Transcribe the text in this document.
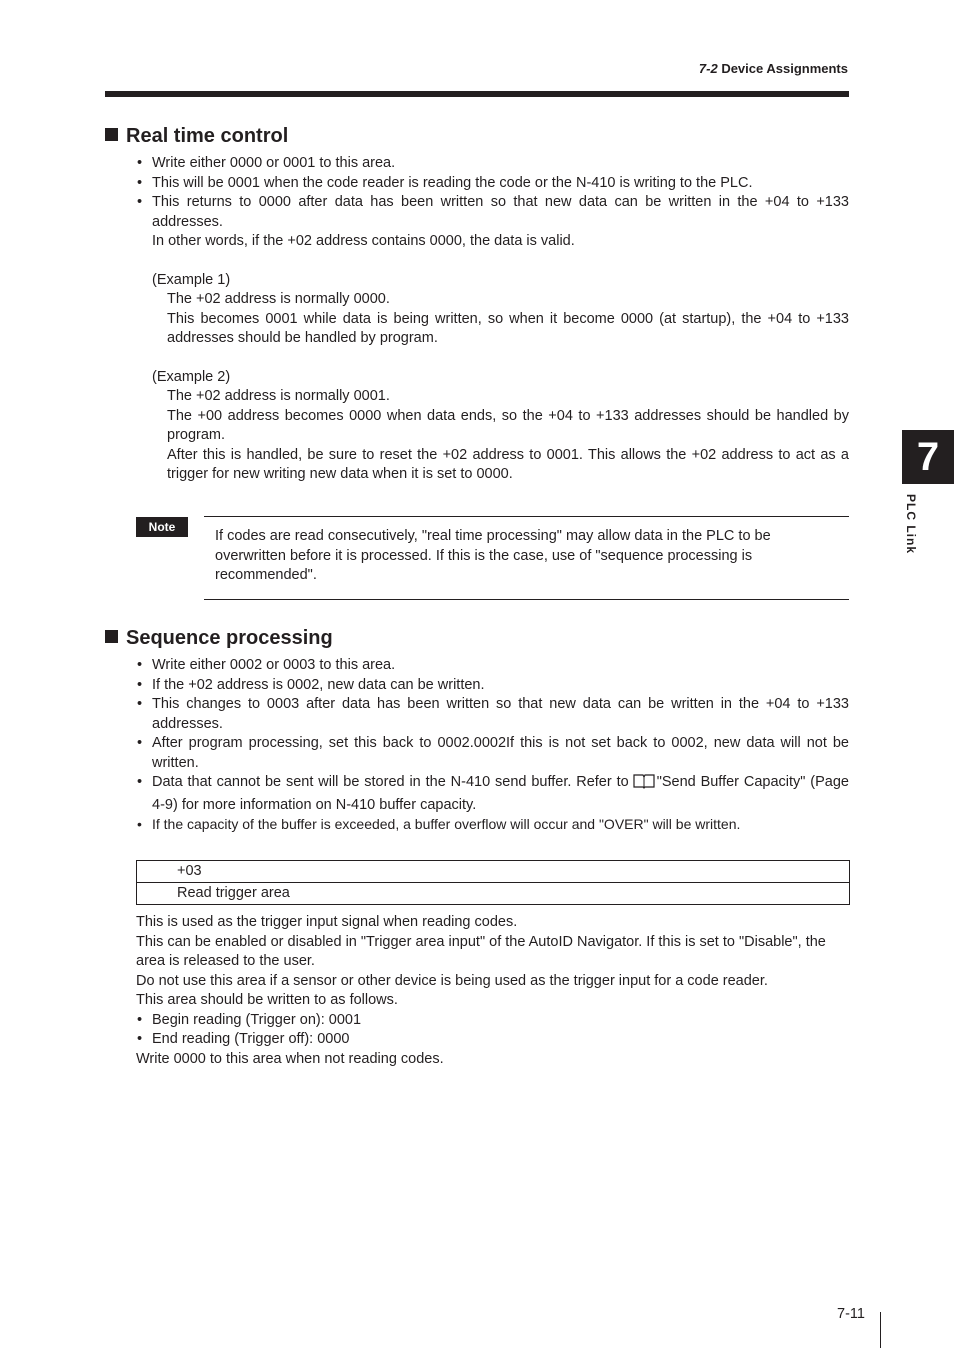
7-2 Device Assignments
7
PLC Link
Real time control
• Write either 0000 or 0001 to this area.
• This will be 0001 when the code reader is reading the code or the N-410 is writing to the PLC.
• This returns to 0000 after data has been written so that new data can be written in the +04 to +133 addresses.
In other words, if the +02 address contains 0000, the data is valid.
(Example 1)

The +02 address is normally 0000.

This becomes 0001 while data is being written, so when it become 0000 (at startup), the +04 to +133 addresses should be handled by program.

(Example 2)

The +02 address is normally 0001.

The +00 address becomes 0000 when data ends, so the +04 to +133 addresses should be handled by program.

After this is handled, be sure to reset the +02 address to 0001. This allows the +02 address to act as a trigger for new writing new data when it is set to 0000.

Note
If codes are read consecutively, "real time processing" may allow data in the PLC to be overwritten before it is processed. If this is the case, use of "sequence processing is recommended".
Sequence processing
• Write either 0002 or 0003 to this area.
• If the +02 address is 0002, new data can be written.
• This changes to 0003 after data has been written so that new data can be written in the +04 to +133 addresses.
• After program processing, set this back to 0002.0002If this is not set back to 0002, new data will not be written.
• Data that cannot be sent will be stored in the N-410 send buffer. Refer to "Send Buffer Capacity" (Page 4-9) for more information on N-410 buffer capacity.
• If the capacity of the buffer is exceeded, a buffer overflow will occur and "OVER" will be written.
+03
Read trigger area

This is used as the trigger input signal when reading codes.

This can be enabled or disabled in "Trigger area input" of the AutoID Navigator. If this is set to "Disable", the area is released to the user.

Do not use this area if a sensor or other device is being used as the trigger input for a code reader.

This area should be written to as follows.

• Begin reading (Trigger on): 0001

• End reading (Trigger off): 0000

Write 0000 to this area when not reading codes.

7-11
